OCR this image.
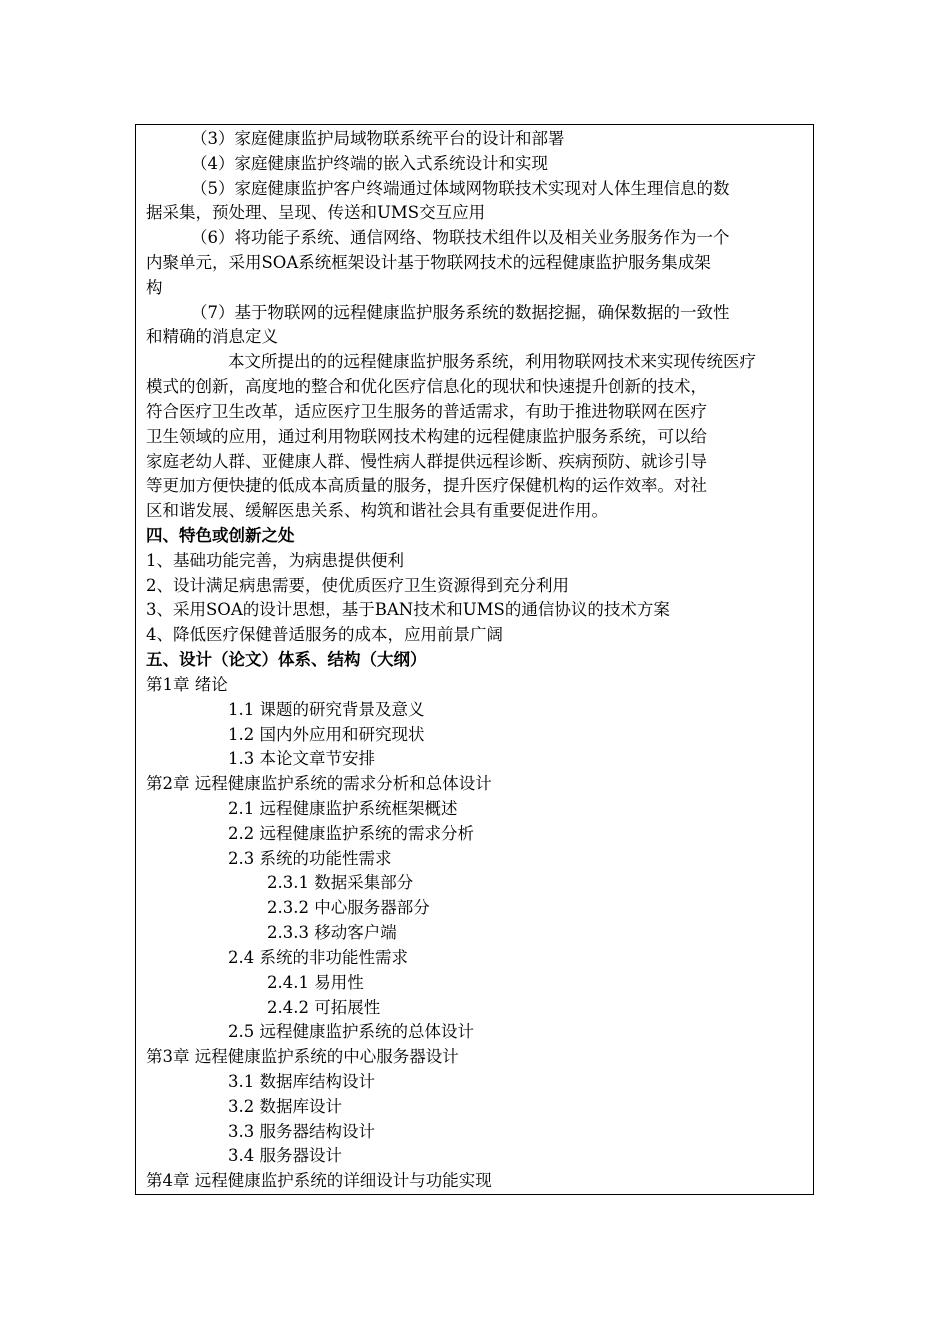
（3）家庭健康监护局域物联系统平台的设计和部署
（4）家庭健康监护终端的嵌入式系统设计和实现
（5）家庭健康监护客户终端通过体域网物联技术实现对人体生理信息的数
据采集，预处理、呈现、传送和UMS交互应用
（6）将功能子系统、通信网络、物联技术组件以及相关业务服务作为一个
内聚单元，采用SOA系统框架设计基于物联网技术的远程健康监护服务集成架
构
（7）基于物联网的远程健康监护服务系统的数据挖掘，确保数据的一致性
和精确的消息定义
本文所提出的的远程健康监护服务系统，利用物联网技术来实现传统医疗
模式的创新，高度地的整合和优化医疗信息化的现状和快速提升创新的技术，
符合医疗卫生改革，适应医疗卫生服务的普适需求，有助于推进物联网在医疗
卫生领域的应用，通过利用物联网技术构建的远程健康监护服务系统，可以给
家庭老幼人群、亚健康人群、慢性病人群提供远程诊断、疾病预防、就诊引导
等更加方便快捷的低成本高质量的服务，提升医疗保健机构的运作效率。对社
区和谐发展、缓解医患关系、构筑和谐社会具有重要促进作用。
四、特色或创新之处
1、基础功能完善，为病患提供便利
2、设计满足病患需要，使优质医疗卫生资源得到充分利用
3、采用SOA的设计思想，基于BAN技术和UMS的通信协议的技术方案
4、降低医疗保健普适服务的成本，应用前景广阔
五、设计（论文）体系、结构（大纲）
第1章 绪论
1.1 课题的研究背景及意义
1.2 国内外应用和研究现状
1.3 本论文章节安排
第2章 远程健康监护系统的需求分析和总体设计
2.1 远程健康监护系统框架概述
2.2 远程健康监护系统的需求分析
2.3 系统的功能性需求
2.3.1 数据采集部分
2.3.2 中心服务器部分
2.3.3 移动客户端
2.4 系统的非功能性需求
2.4.1 易用性
2.4.2 可拓展性
2.5 远程健康监护系统的总体设计
第3章 远程健康监护系统的中心服务器设计
3.1 数据库结构设计
3.2 数据库设计
3.3 服务器结构设计
3.4 服务器设计
第4章 远程健康监护系统的详细设计与功能实现
